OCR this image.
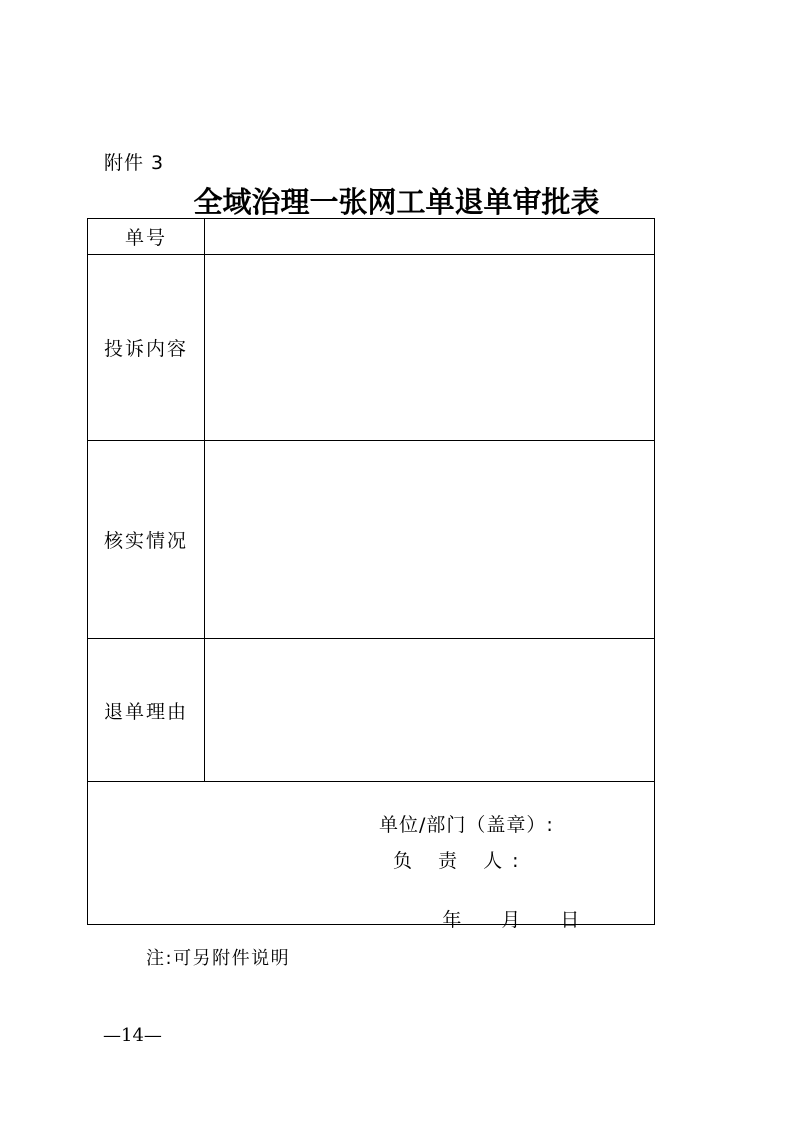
附件 3
全域治理一张网工单退单审批表
单号	
投诉内容	
核实情况	
退单理由	

单位/部门（盖章）:
负 责 人:

年 月 日	

注:可另附件说明
—14—
